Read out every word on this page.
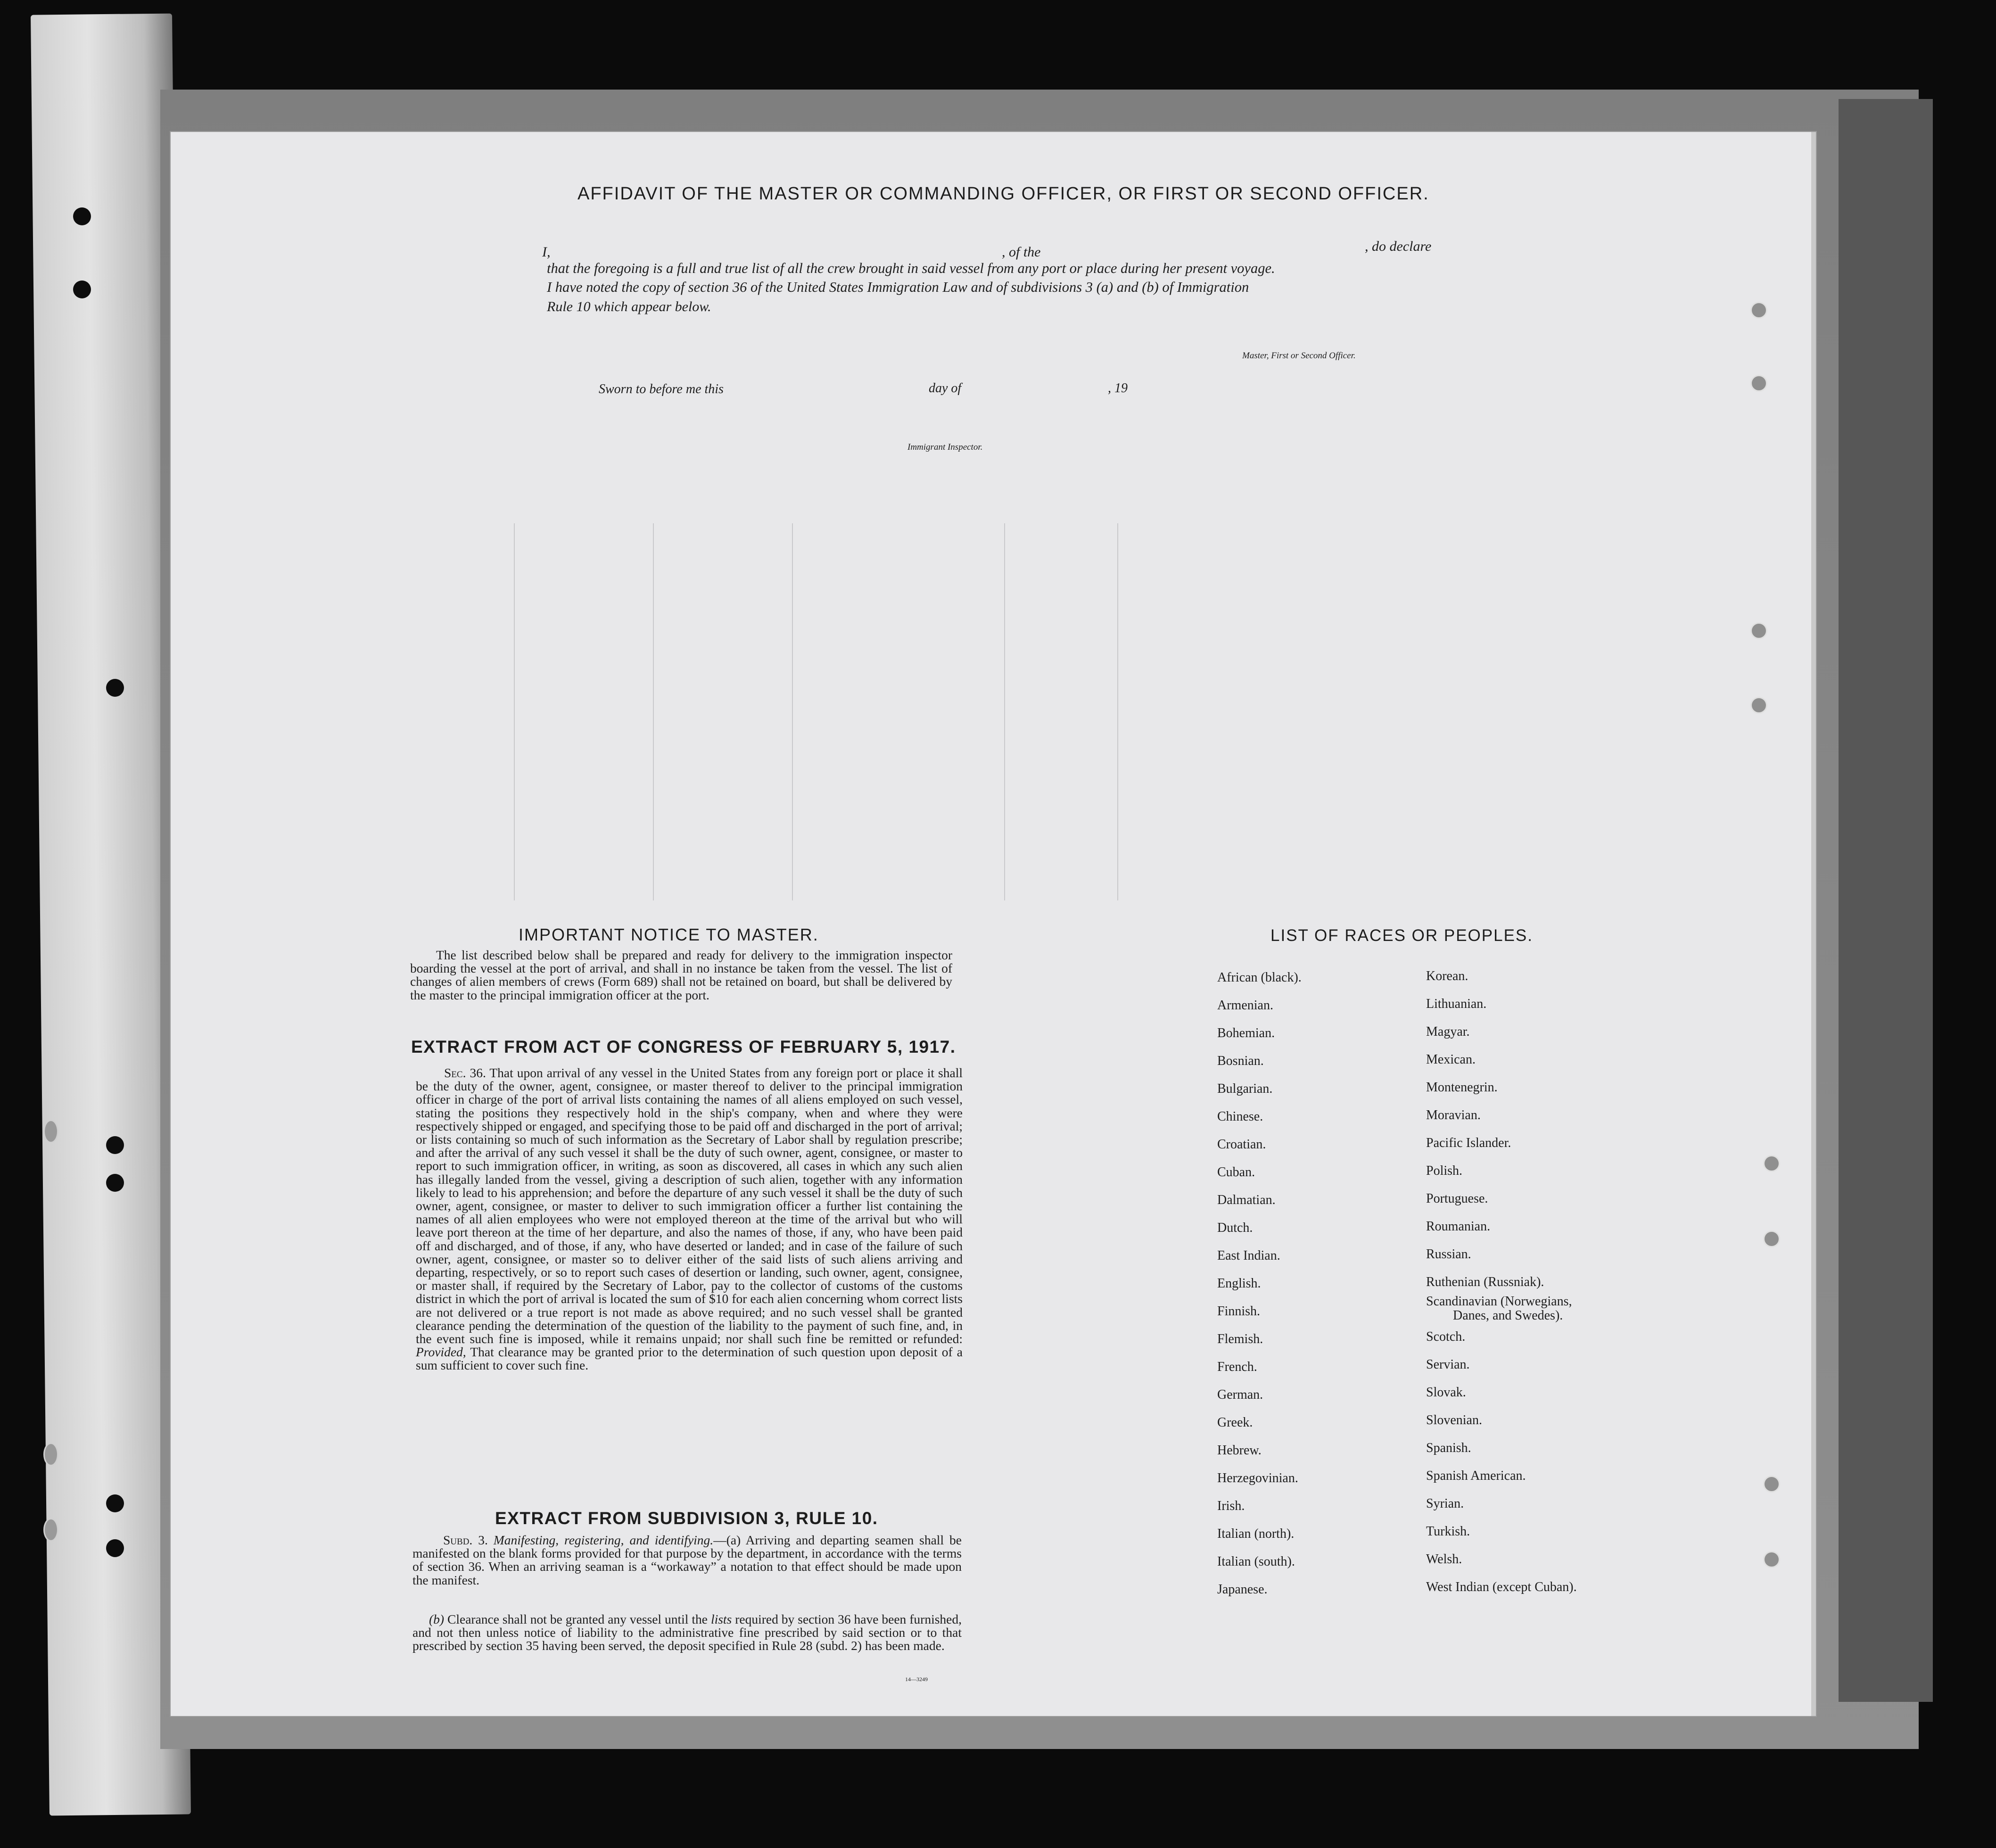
AFFIDAVIT OF THE MASTER OR COMMANDING OFFICER, OR FIRST OR SECOND OFFICER.
I,	, of the	, do declare
that the foregoing is a full and true list of all the crew brought in said vessel from any port or place during her present voyage.
I have noted the copy of section 36 of the United States Immigration Law and of subdivisions 3 (a) and (b) of Immigration
Rule 10 which appear below.
Master, First or Second Officer.
Sworn to before me this	day of	, 19
Immigrant Inspector.
IMPORTANT NOTICE TO MASTER.
The list described below shall be prepared and ready for delivery to the immigration inspector boarding the vessel at the port of arrival, and shall in no instance be taken from the vessel. The list of changes of alien members of crews (Form 689) shall not be retained on board, but shall be delivered by the master to the principal immigration officer at the port.
EXTRACT FROM ACT OF CONGRESS OF FEBRUARY 5, 1917.
Sec. 36. That upon arrival of any vessel in the United States from any foreign port or place it shall be the duty of the owner, agent, consignee, or master thereof to deliver to the principal immigration officer in charge of the port of arrival lists containing the names of all aliens employed on such vessel, stating the positions they respectively hold in the ship's company, when and where they were respectively shipped or engaged, and specifying those to be paid off and discharged in the port of arrival; or lists containing so much of such information as the Secretary of Labor shall by regulation prescribe; and after the arrival of any such vessel it shall be the duty of such owner, agent, consignee, or master to report to such immigration officer, in writing, as soon as discovered, all cases in which any such alien has illegally landed from the vessel, giving a description of such alien, together with any information likely to lead to his apprehension; and before the departure of any such vessel it shall be the duty of such owner, agent, consignee, or master to deliver to such immigration officer a further list containing the names of all alien employees who were not employed thereon at the time of the arrival but who will leave port thereon at the time of her departure, and also the names of those, if any, who have been paid off and discharged, and of those, if any, who have deserted or landed; and in case of the failure of such owner, agent, consignee, or master so to deliver either of the said lists of such aliens arriving and departing, respectively, or so to report such cases of desertion or landing, such owner, agent, consignee, or master shall, if required by the Secretary of Labor, pay to the collector of customs of the customs district in which the port of arrival is located the sum of $10 for each alien concerning whom correct lists are not delivered or a true report is not made as above required; and no such vessel shall be granted clearance pending the determination of the question of the liability to the payment of such fine, and, in the event such fine is imposed, while it remains unpaid; nor shall such fine be remitted or refunded: Provided, That clearance may be granted prior to the determination of such question upon deposit of a sum sufficient to cover such fine.
EXTRACT FROM SUBDIVISION 3, RULE 10.
Subd. 3. Manifesting, registering, and identifying.—(a) Arriving and departing seamen shall be manifested on the blank forms provided for that purpose by the department, in accordance with the terms of section 36. When an arriving seaman is a “workaway” a notation to that effect should be made upon the manifest.
(b) Clearance shall not be granted any vessel until the lists required by section 36 have been furnished, and not then unless notice of liability to the administrative fine prescribed by said section or to that prescribed by section 35 having been served, the deposit specified in Rule 28 (subd. 2) has been made.
14—3249
LIST OF RACES OR PEOPLES.
African (black).
Armenian.
Bohemian.
Bosnian.
Bulgarian.
Chinese.
Croatian.
Cuban.
Dalmatian.
Dutch.
East Indian.
English.
Finnish.
Flemish.
French.
German.
Greek.
Hebrew.
Herzegovinian.
Irish.
Italian (north).
Italian (south).
Japanese.
Korean.
Lithuanian.
Magyar.
Mexican.
Montenegrin.
Moravian.
Pacific Islander.
Polish.
Portuguese.
Roumanian.
Russian.
Ruthenian (Russniak).
Scandinavian (Norwegians,
Danes, and Swedes).
Scotch.
Servian.
Slovak.
Slovenian.
Spanish.
Spanish American.
Syrian.
Turkish.
Welsh.
West Indian (except Cuban).
